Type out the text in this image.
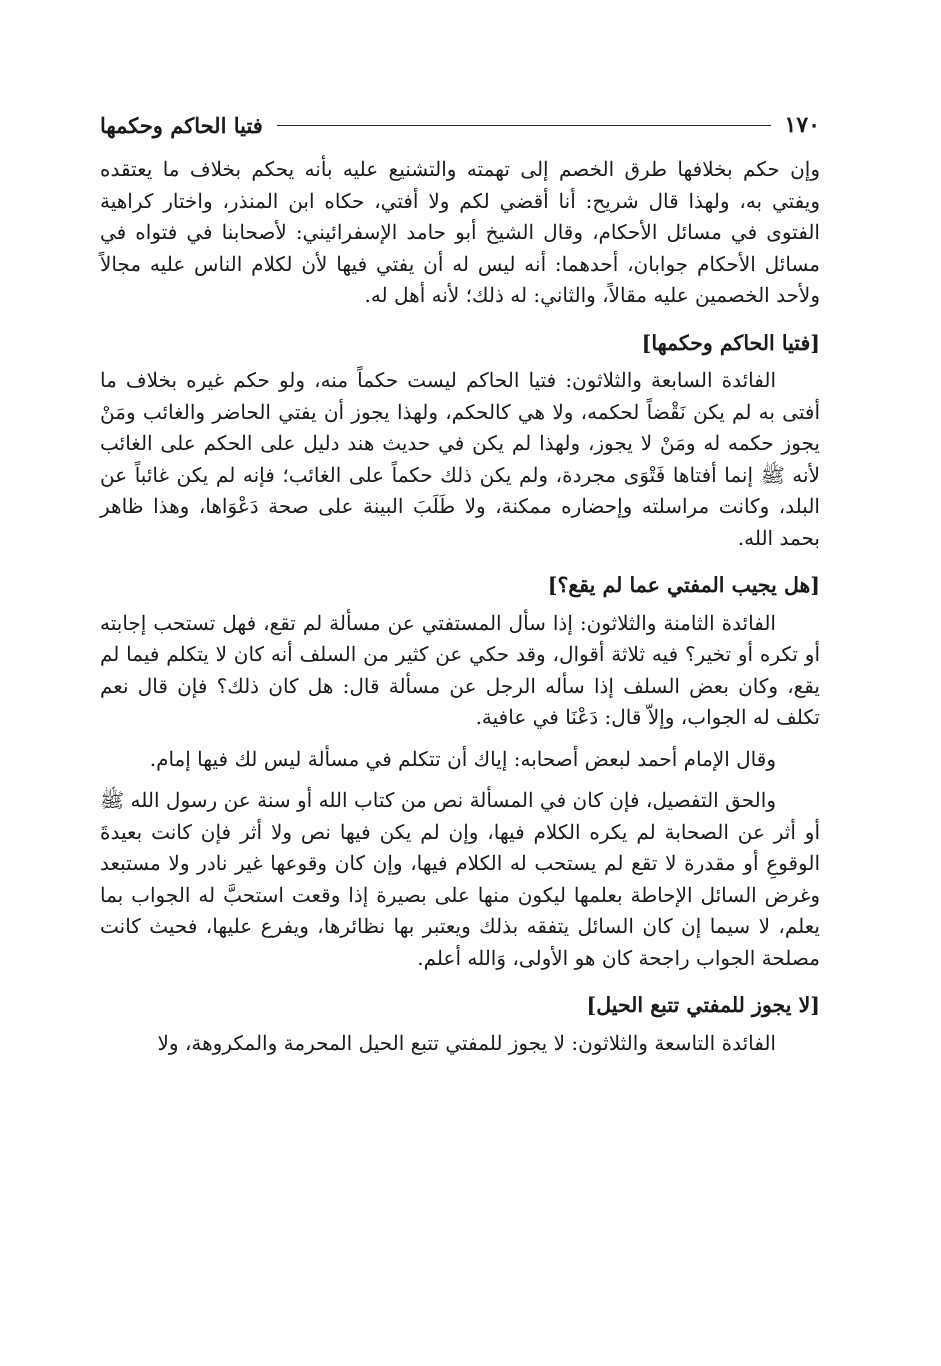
١٧٠
فتيا الحاكم وحكمها

وإن حكم بخلافها طرق الخصم إلى تهمته والتشنيع عليه بأنه يحكم بخلاف ما يعتقده ويفتي به، ولهذا قال شريح: أنا أقضي لكم ولا أفتي، حكاه ابن المنذر، واختار كراهية الفتوى في مسائل الأحكام، وقال الشيخ أبو حامد الإسفرائيني: لأصحابنا في فتواه في مسائل الأحكام جوابان، أحدهما: أنه ليس له أن يفتي فيها لأن لكلام الناس عليه مجالاً ولأحد الخصمين عليه مقالاً، والثاني: له ذلك؛ لأنه أهل له.

[فتيا الحاكم وحكمها]

الفائدة السابعة والثلاثون: فتيا الحاكم ليست حكماً منه، ولو حكم غيره بخلاف ما أفتى به لم يكن نَقْضاً لحكمه، ولا هي كالحكم، ولهذا يجوز أن يفتي الحاضر والغائب ومَنْ يجوز حكمه له ومَنْ لا يجوز، ولهذا لم يكن في حديث هند دليل على الحكم على الغائب لأنه ﷺ إنما أفتاها فَتْوَى مجردة، ولم يكن ذلك حكماً على الغائب؛ فإنه لم يكن غائباً عن البلد، وكانت مراسلته وإحضاره ممكنة، ولا طَلَبَ البينة على صحة دَعْوَاها، وهذا ظاهر بحمد الله.

[هل يجيب المفتي عما لم يقع؟]

الفائدة الثامنة والثلاثون: إذا سأل المستفتي عن مسألة لم تقع، فهل تستحب إجابته أو تكره أو تخير؟ فيه ثلاثة أقوال، وقد حكي عن كثير من السلف أنه كان لا يتكلم فيما لم يقع، وكان بعض السلف إذا سأله الرجل عن مسألة قال: هل كان ذلك؟ فإن قال نعم تكلف له الجواب، وإلاّ قال: دَعْنَا في عافية.

وقال الإمام أحمد لبعض أصحابه: إياك أن تتكلم في مسألة ليس لك فيها إمام.

والحق التفصيل، فإن كان في المسألة نص من كتاب الله أو سنة عن رسول الله ﷺ أو أثر عن الصحابة لم يكره الكلام فيها، وإن لم يكن فيها نص ولا أثر فإن كانت بعيدةَ الوقوعِ أو مقدرة لا تقع لم يستحب له الكلام فيها، وإن كان وقوعها غير نادر ولا مستبعد وغرض السائل الإحاطة بعلمها ليكون منها على بصيرة إذا وقعت استحبَّ له الجواب بما يعلم، لا سيما إن كان السائل يتفقه بذلك ويعتبر بها نظائرها، ويفرع عليها، فحيث كانت مصلحة الجواب راجحة كان هو الأولى، وَالله أعلم.

[لا يجوز للمفتي تتبع الحيل]

الفائدة التاسعة والثلاثون: لا يجوز للمفتي تتبع الحيل المحرمة والمكروهة، ولا
